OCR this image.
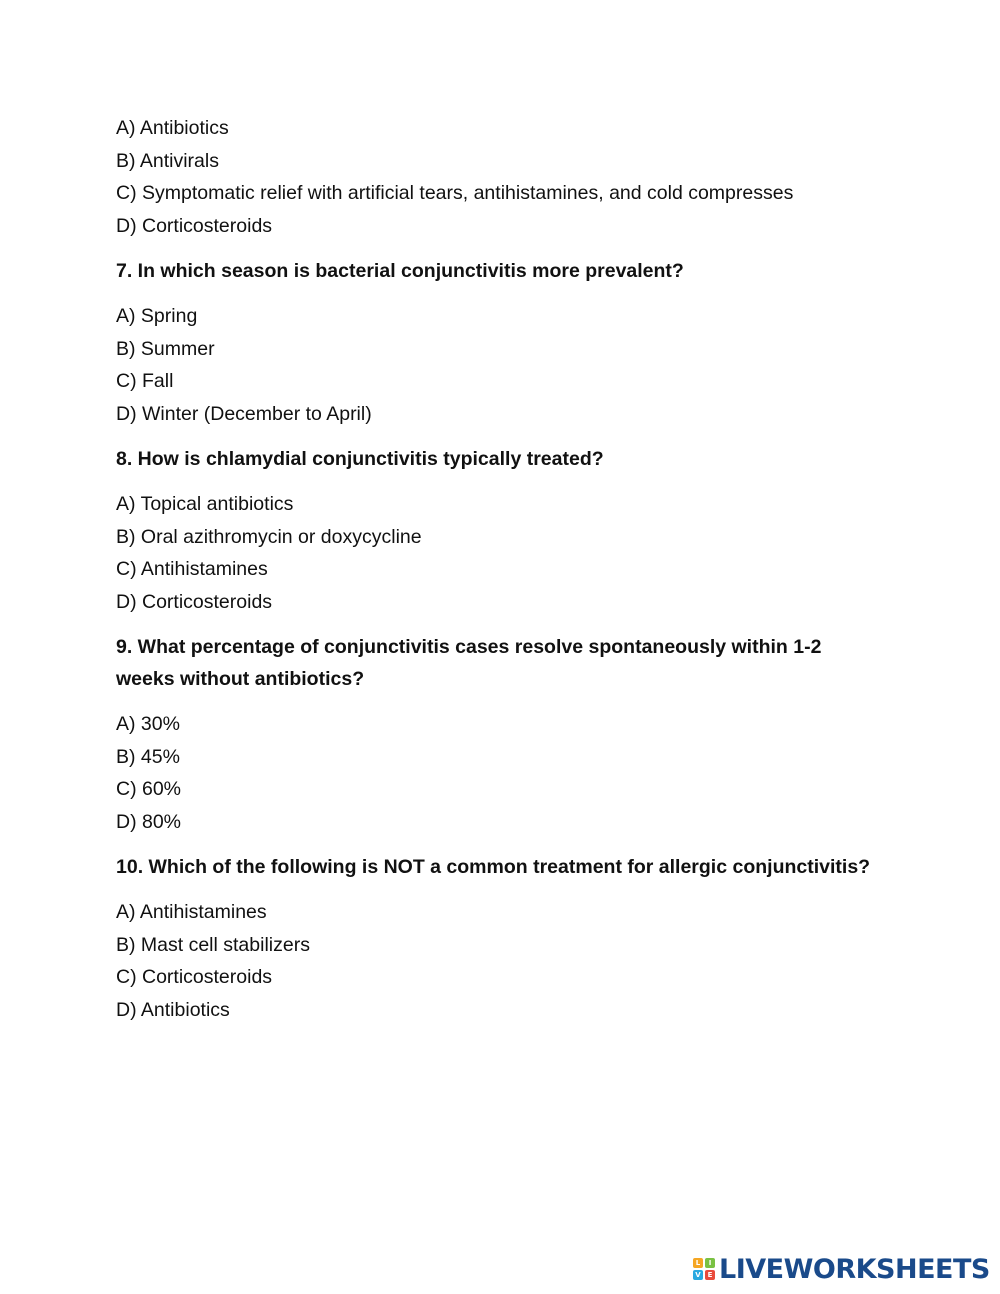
A) Antibiotics
B) Antivirals
C) Symptomatic relief with artificial tears, antihistamines, and cold compresses
D) Corticosteroids
7. In which season is bacterial conjunctivitis more prevalent?
A) Spring
B) Summer
C) Fall
D) Winter (December to April)
8. How is chlamydial conjunctivitis typically treated?
A) Topical antibiotics
B) Oral azithromycin or doxycycline
C) Antihistamines
D) Corticosteroids
9. What percentage of conjunctivitis cases resolve spontaneously within 1-2 weeks without antibiotics?
A) 30%
B) 45%
C) 60%
D) 80%
10. Which of the following is NOT a common treatment for allergic conjunctivitis?
A) Antihistamines
B) Mast cell stabilizers
C) Corticosteroids
D) Antibiotics
L	I
V E LIVEWORKSHEETS
